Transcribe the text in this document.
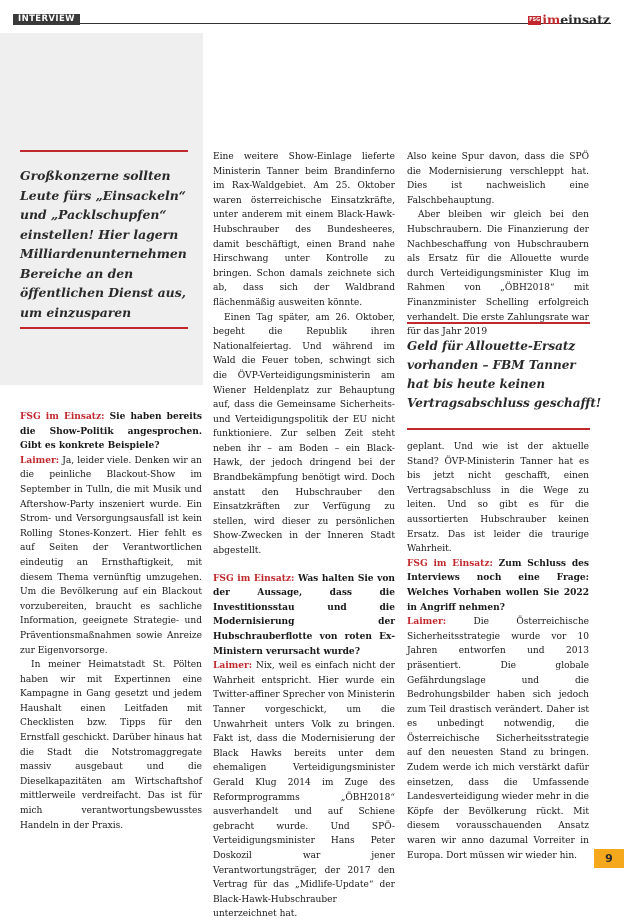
INTERVIEW	FSG im einsatz
Großkonzerne sollten
Leute fürs „Einsackeln“
und „Packlschupfen“
einstellen! Hier lagern
Milliardenunternehmen
Bereiche an den
öffentlichen Dienst aus,
um einzusparen
Geld für Allouette-Ersatz
vorhanden – FBM Tanner
hat bis heute keinen
Vertragsabschluss geschafft!

FSG im Einsatz: Sie haben bereits die Show-Politik angesprochen. Gibt es konkrete Beispiele?

Laimer: Ja, leider viele. Denken wir an die peinliche Blackout-Show im September in Tulln, die mit Musik und Aftershow-Party inszeniert wurde. Ein Strom- und Versorgungsausfall ist kein Rolling Stones-Konzert. Hier fehlt es auf Seiten der Verantwortlichen eindeutig an Ernsthaftigkeit, mit diesem Thema vernünftig umzugehen. Um die Bevölkerung auf ein Blackout vorzubereiten, braucht es sachliche Information, geeignete Strategie- und Präventionsmaßnahmen sowie Anreize zur Eigenvorsorge.

In meiner Heimatstadt St. Pölten haben wir mit Expertinnen eine Kampagne in Gang gesetzt und jedem Haushalt einen Leitfaden mit Checklisten bzw. Tipps für den Ernstfall geschickt. Darüber hinaus hat die Stadt die Notstromaggregate massiv ausgebaut und die Dieselkapazitäten am Wirtschaftshof mittlerweile verdreifacht. Das ist für mich verantwortungsbewusstes Handeln in der Praxis.

Eine weitere Show-Einlage lieferte Ministerin Tanner beim Brandinferno im Rax-Waldgebiet. Am 25. Oktober waren österreichische Einsatzkräfte, unter anderem mit einem Black-Hawk-Hubschrauber des Bundesheeres, damit beschäftigt, einen Brand nahe Hirschwang unter Kontrolle zu bringen. Schon damals zeichnete sich ab, dass sich der Waldbrand flächenmäßig ausweiten könnte.

Einen Tag später, am 26. Oktober, begeht die Republik ihren Nationalfeiertag. Und während im Wald die Feuer toben, schwingt sich die ÖVP-Verteidigungsministerin am Wiener Heldenplatz zur Behauptung auf, dass die Gemeinsame Sicherheits- und Verteidigungspolitik der EU nicht funktioniere. Zur selben Zeit steht neben ihr – am Boden – ein Black-Hawk, der jedoch dringend bei der Brandbekämpfung benötigt wird. Doch anstatt den Hubschrauber den Einsatzkräften zur Verfügung zu stellen, wird dieser zu persönlichen Show-Zwecken in der Inneren Stadt abgestellt.

FSG im Einsatz: Was halten Sie von der Aussage, dass die Investitionsstau und die Modernisierung der Hubschrauberflotte von roten Ex-Ministern verursacht wurde?

Laimer: Nix, weil es einfach nicht der Wahrheit entspricht. Hier wurde ein Twitter-affiner Sprecher von Ministerin Tanner vorgeschickt, um die Unwahrheit unters Volk zu bringen. Fakt ist, dass die Modernisierung der Black Hawks bereits unter dem ehemaligen Verteidigungsminister Gerald Klug 2014 im Zuge des Reformprogramms „ÖBH2018“ ausverhandelt und auf Schiene gebracht wurde. Und SPÖ-Verteidigungsminister Hans Peter Doskozil war jener Verantwortungsträger, der 2017 den Vertrag für das „Midlife-Update“ der Black-Hawk-Hubschrauber unterzeichnet hat.

Also keine Spur davon, dass die SPÖ die Modernisierung verschleppt hat. Dies ist nachweislich eine Falschbehauptung.

Aber bleiben wir gleich bei den Hubschraubern. Die Finanzierung der Nachbeschaffung von Hubschraubern als Ersatz für die Allouette wurde durch Verteidigungsminister Klug im Rahmen von „ÖBH2018“ mit Finanzminister Schelling erfolgreich verhandelt. Die erste Zahlungsrate war für das Jahr 2019

geplant. Und wie ist der aktuelle Stand? ÖVP-Ministerin Tanner hat es bis jetzt nicht geschafft, einen Vertragsabschluss in die Wege zu leiten. Und so gibt es für die aussortierten Hubschrauber keinen Ersatz. Das ist leider die traurige Wahrheit.

FSG im Einsatz: Zum Schluss des Interviews noch eine Frage: Welches Vorhaben wollen Sie 2022 in Angriff nehmen?

Laimer: Die Österreichische Sicherheitsstrategie wurde vor 10 Jahren entworfen und 2013 präsentiert. Die globale Gefährdungslage und die Bedrohungsbilder haben sich jedoch zum Teil drastisch verändert. Daher ist es unbedingt notwendig, die Österreichische Sicherheitsstrategie auf den neuesten Stand zu bringen. Zudem werde ich mich verstärkt dafür einsetzen, dass die Umfassende Landesverteidigung wieder mehr in die Köpfe der Bevölkerung rückt. Mit diesem vorausschauenden Ansatz waren wir anno dazumal Vorreiter in Europa. Dort müssen wir wieder hin.	9
